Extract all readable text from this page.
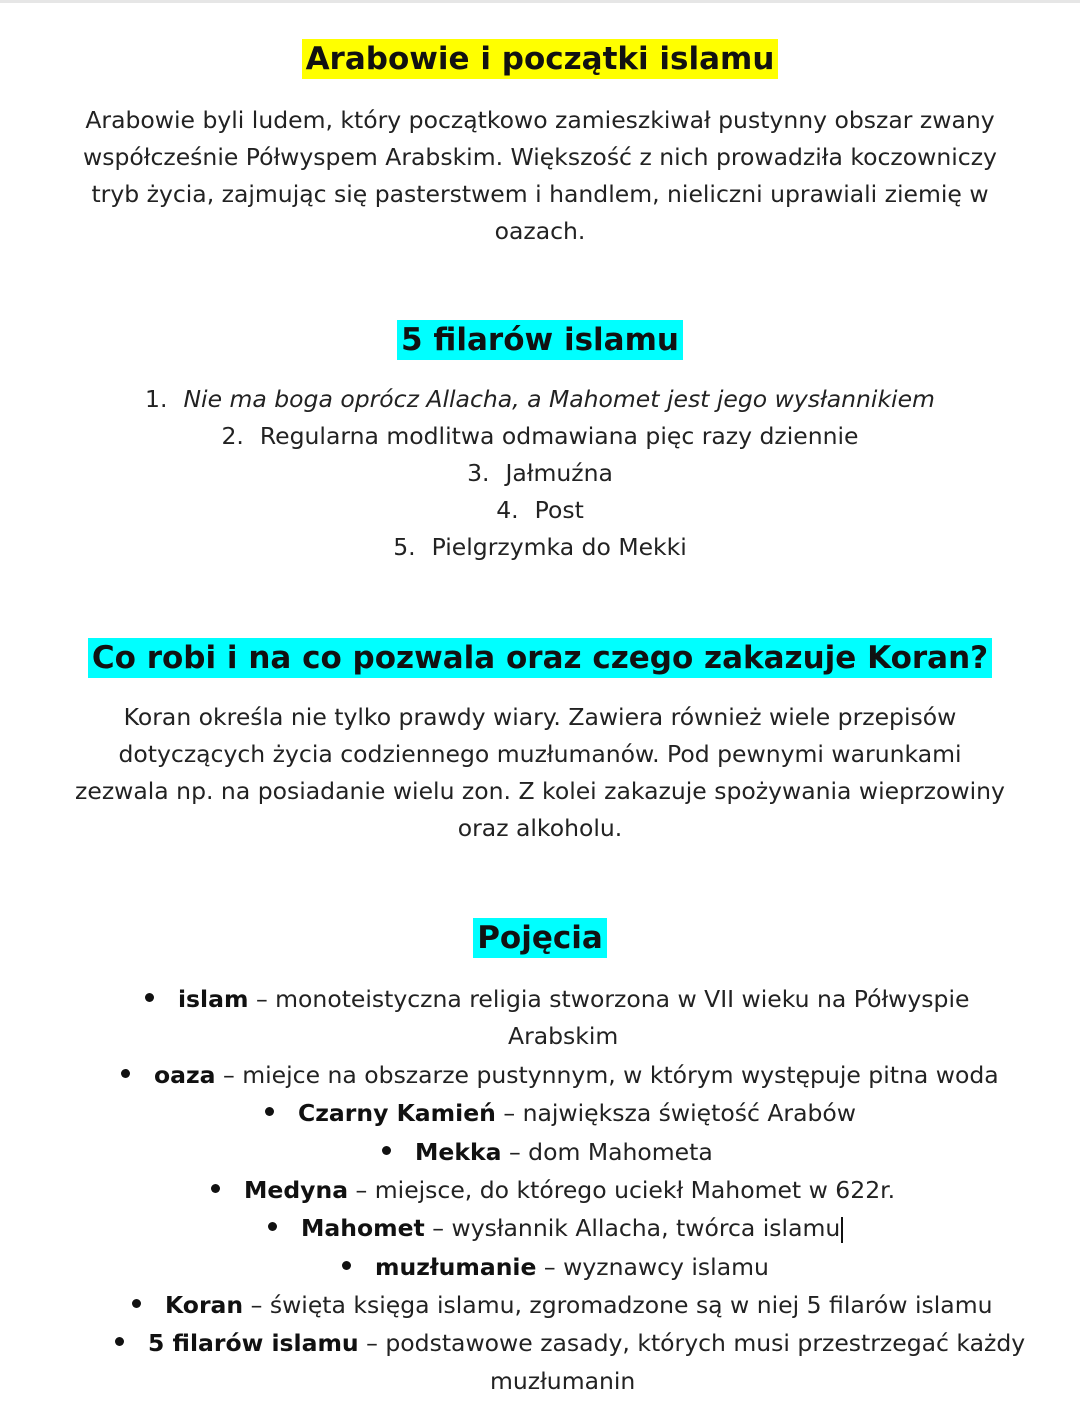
Arabowie i początki islamu
Arabowie byli ludem, który początkowo zamieszkiwał pustynny obszar zwany
współcześnie Półwyspem Arabskim. Większość z nich prowadziła koczowniczy
tryb życia, zajmując się pasterstwem i handlem, nieliczni uprawiali ziemię w
oazach.
5 filarów islamu
1. Nie ma boga oprócz Allacha, a Mahomet jest jego wysłannikiem
2. Regularna modlitwa odmawiana pięc razy dziennie
3. Jałmuźna
4. Post
5. Pielgrzymka do Mekki
Co robi i na co pozwala oraz czego zakazuje Koran?
Koran określa nie tylko prawdy wiary. Zawiera również wiele przepisów
dotyczących życia codziennego muzłumanów. Pod pewnymi warunkami
zezwala np. na posiadanie wielu zon. Z kolei zakazuje spożywania wieprzowiny
oraz alkoholu.
Pojęcia
islam – monoteistyczna religia stworzona w VII wieku na Półwyspie
oaza – miejce na obszarze pustynnym, w którym występuje pitna woda
Czarny Kamień – największa świętość Arabów
Mekka – dom Mahometa
Medyna – miejsce, do którego uciekł Mahomet w 622r.
Mahomet – wysłannik Allacha, twórca islamu
muzłumanie – wyznawcy islamu
Koran – święta księga islamu, zgromadzone są w niej 5 filarów islamu
5 filarów islamu – podstawowe zasady, których musi przestrzegać każdy
Arabskim
muzłumanin
